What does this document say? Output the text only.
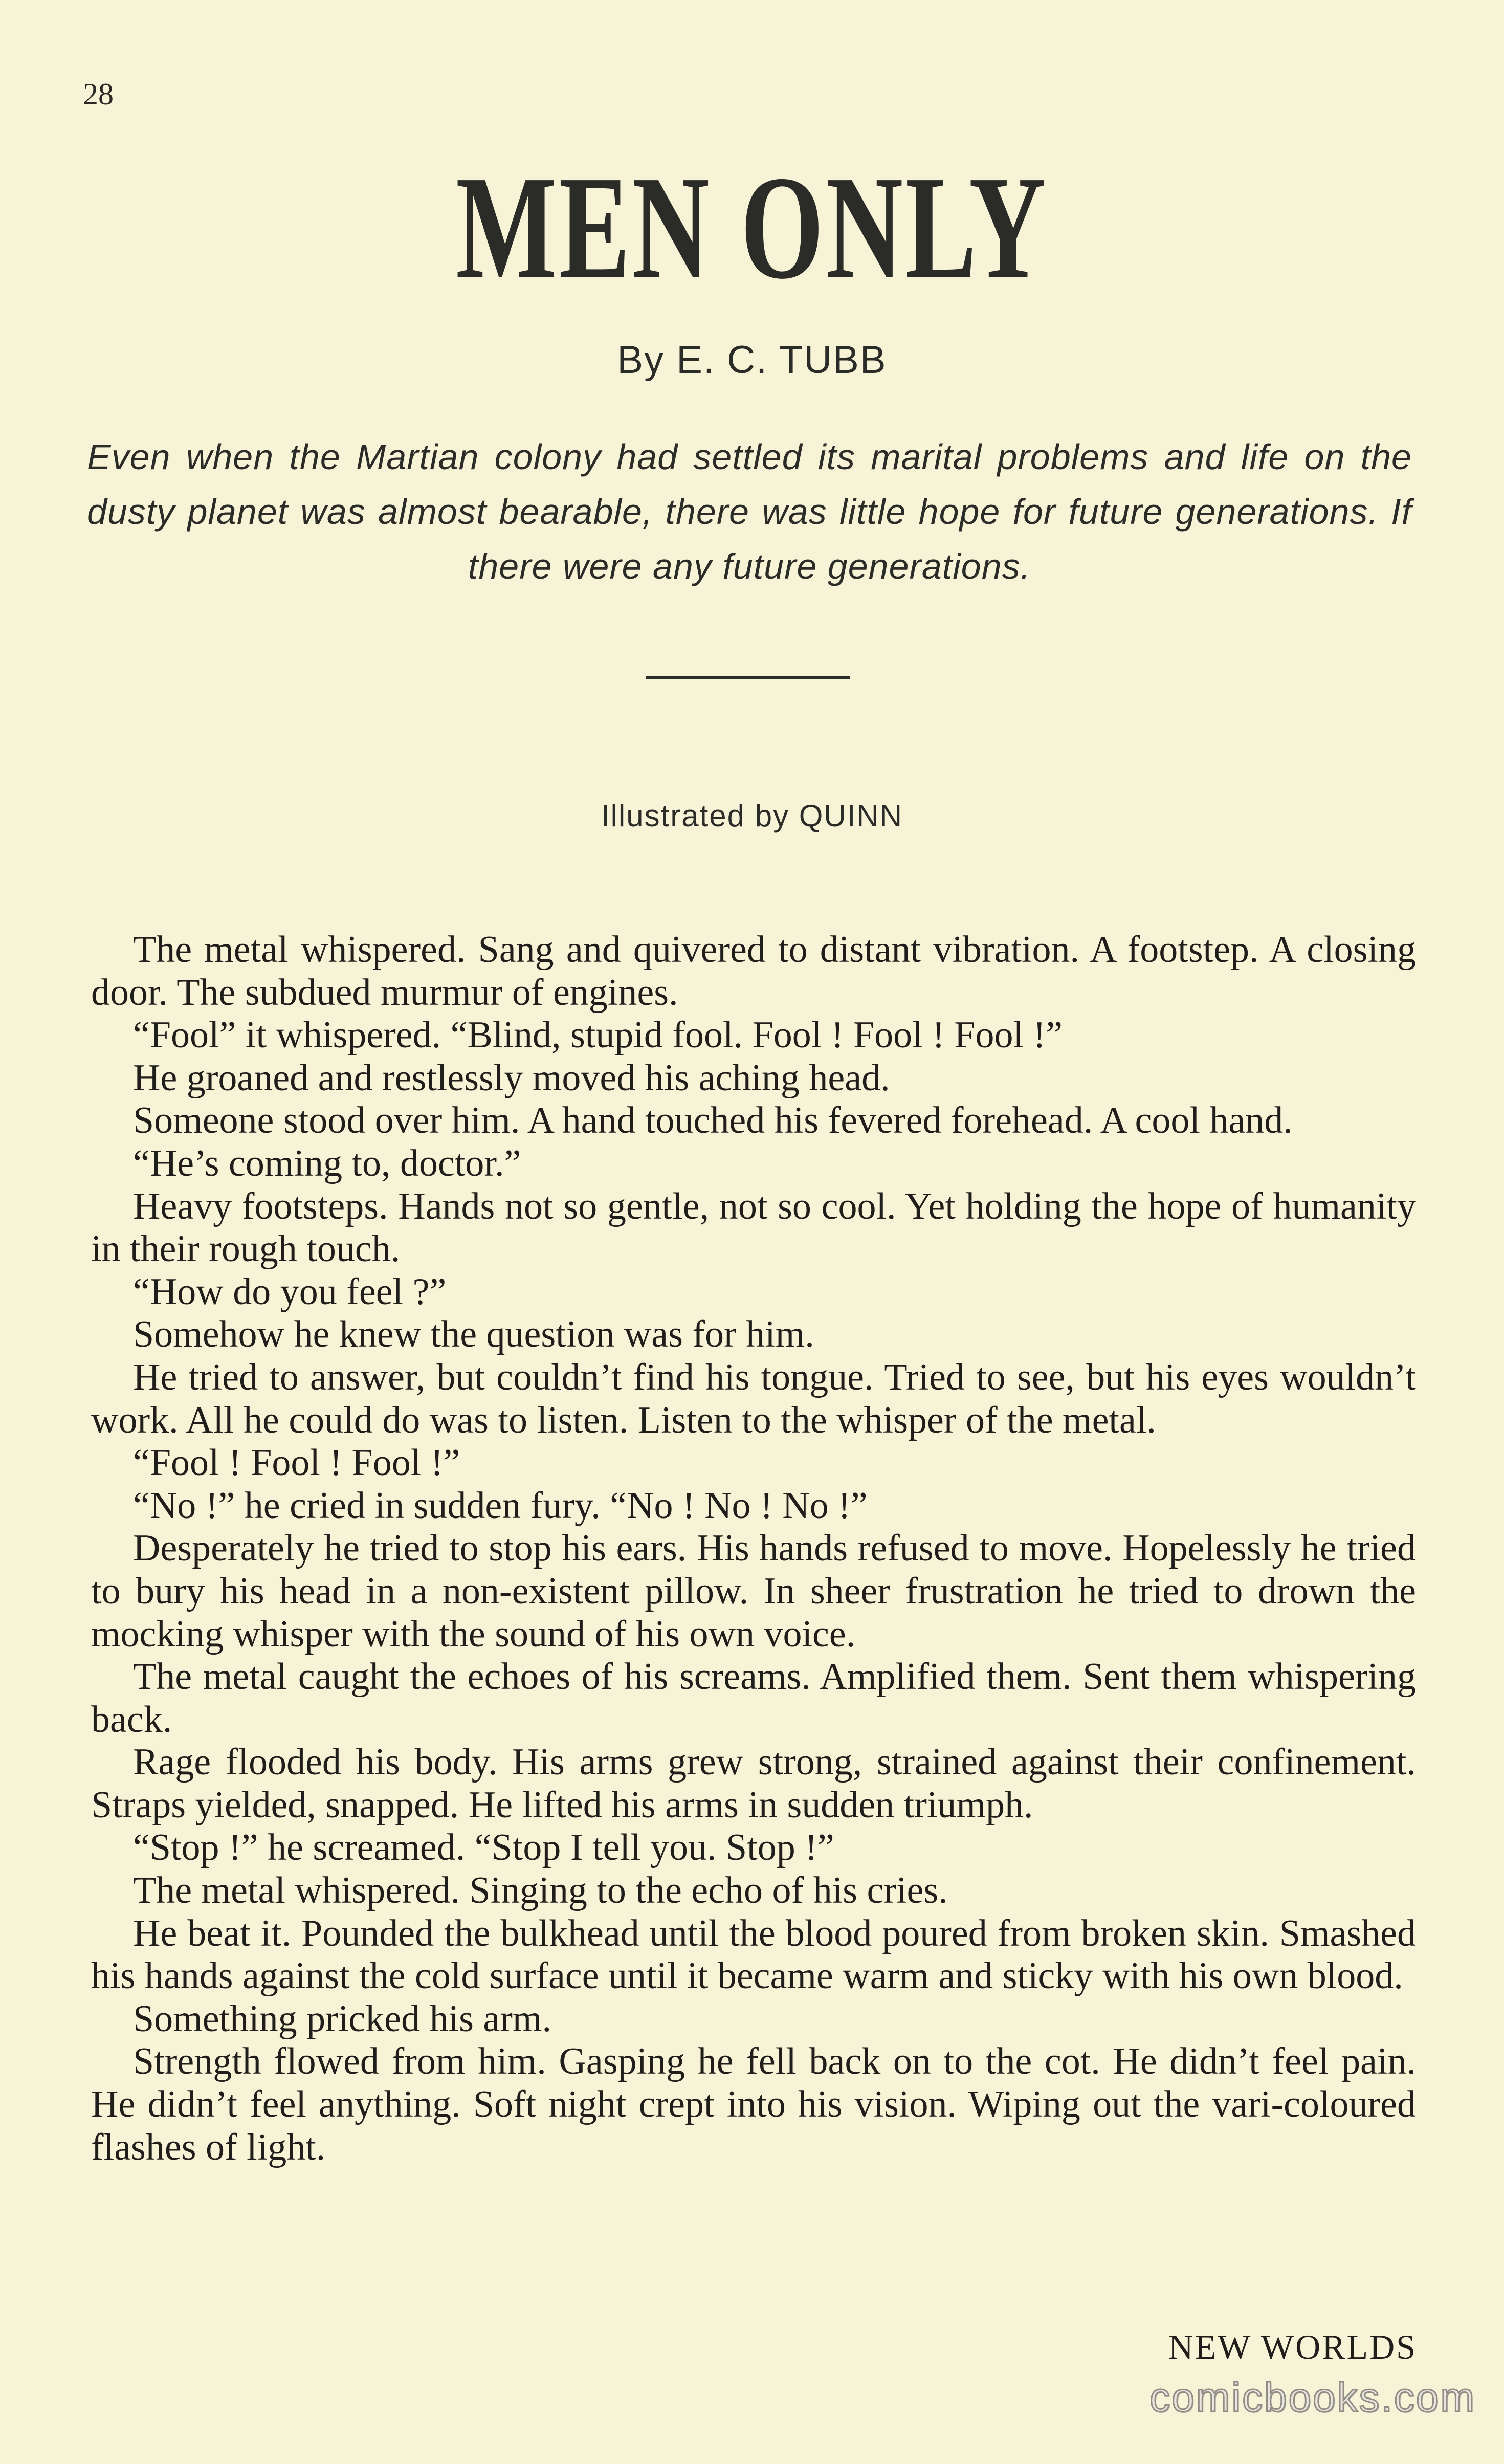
28
MEN ONLY
By E. C. TUBB
Even when the Martian colony had settled its marital problems and life on the dusty planet was almost bearable, there was little hope for future generations. If there were any future generations.
Illustrated by QUINN

The metal whispered. Sang and quivered to distant vibration. A footstep. A closing door. The subdued murmur of engines.

“Fool” it whispered. “Blind, stupid fool. Fool ! Fool ! Fool !”

He groaned and restlessly moved his aching head.

Someone stood over him. A hand touched his fevered forehead. A cool hand.

“He’s coming to, doctor.”

Heavy footsteps. Hands not so gentle, not so cool. Yet holding the hope of humanity in their rough touch.

“How do you feel ?”

Somehow he knew the question was for him.

He tried to answer, but couldn’t find his tongue. Tried to see, but his eyes wouldn’t work. All he could do was to listen. Listen to the whisper of the metal.

“Fool ! Fool ! Fool !”

“No !” he cried in sudden fury. “No ! No ! No !”

Desperately he tried to stop his ears. His hands refused to move. Hopelessly he tried to bury his head in a non-existent pillow. In sheer frustration he tried to drown the mocking whisper with the sound of his own voice.

The metal caught the echoes of his screams. Amplified them. Sent them whispering back.

Rage flooded his body. His arms grew strong, strained against their confinement. Straps yielded, snapped. He lifted his arms in sudden triumph.

“Stop !” he screamed. “Stop I tell you. Stop !”

The metal whispered. Singing to the echo of his cries.

He beat it. Pounded the bulkhead until the blood poured from broken skin. Smashed his hands against the cold surface until it became warm and sticky with his own blood.

Something pricked his arm.

Strength flowed from him. Gasping he fell back on to the cot. He didn’t feel pain. He didn’t feel anything. Soft night crept into his vision. Wiping out the vari-coloured flashes of light.

NEW WORLDS
comicbooks.com
